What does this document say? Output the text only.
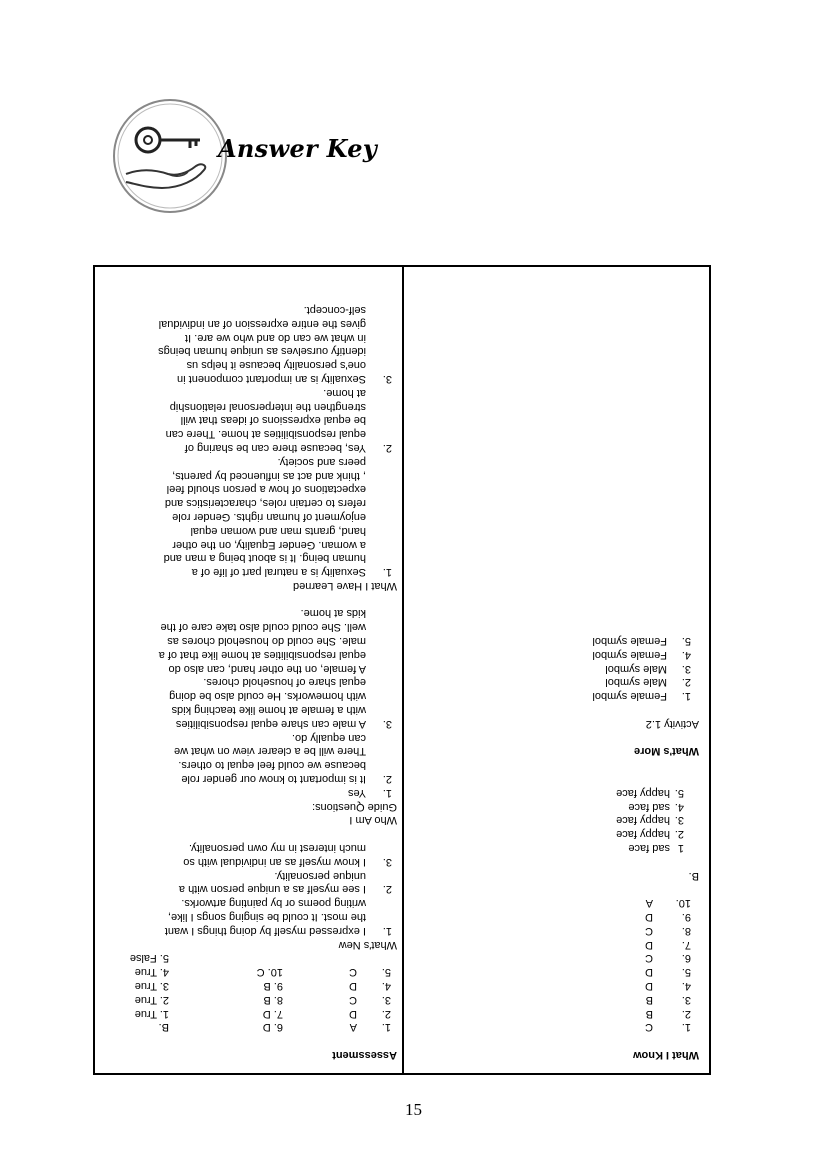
Answer Key
What I Know
1.
C
2.
B
3.
B
4.
D
5.
D
6.
C
7.
D
8.
C
9.
D
10.
A
B.
1
sad face
2.
happy face
3.
happy face
4.
sad face
5.
happy face
What's More
Activity 1.2
1.
Female symbol
2.
Male symbol
3.
Male symbol
4.
Female symbol
5.
Female symbol
Assessment
1.
A
6. D
B.
2.
D
7. D
1. True
3.
C
8. B
2. True
4.
D
9. B
3. True
5.
C
10. C
4. True
5. False
What's New
1.
I expressed myself by doing things I want
the most. It could be singing songs I like,
writing poems or by painting artworks.
2.
I see myself as a unique person with a
unique personality.
3.
I know myself as an individual with so
much interest in my own personality.
Who Am I
Guide Questions:
1.
Yes
2.
It is important to know our gender role
because we could feel equal to others.
There will be a clearer view on what we
can equally do.
3.
A male can share equal responsibilities
with a female at home like teaching kids
with homeworks. He could also be doing
equal share of household chores.
A female, on the other hand, can also do
equal responsibilities at home like that of a
male. She could do household chores as
well. She could could also take care of the
kids at home.
What I Have Learned
1.
Sexuality is a natural part of life of a
human being. It is about being a man and
a woman. Gender Equality, on the other
hand, grants man and woman equal
enjoyment of human rights. Gender role
refers to certain roles, characteristics and
expectations of how a person should feel
, think and act as influenced by parents,
peers and society.
2.
Yes, because there can be sharing of
equal responsibilities at home. There can
be equal expressions of ideas that will
strengthen the interpersonal relationship
at home.
3.
Sexuality is an important component in
one's personality because it helps us
identify ourselves as unique human beings
in what we can do and who we are. It
gives the entire expression of an individual
self-concept.
15
